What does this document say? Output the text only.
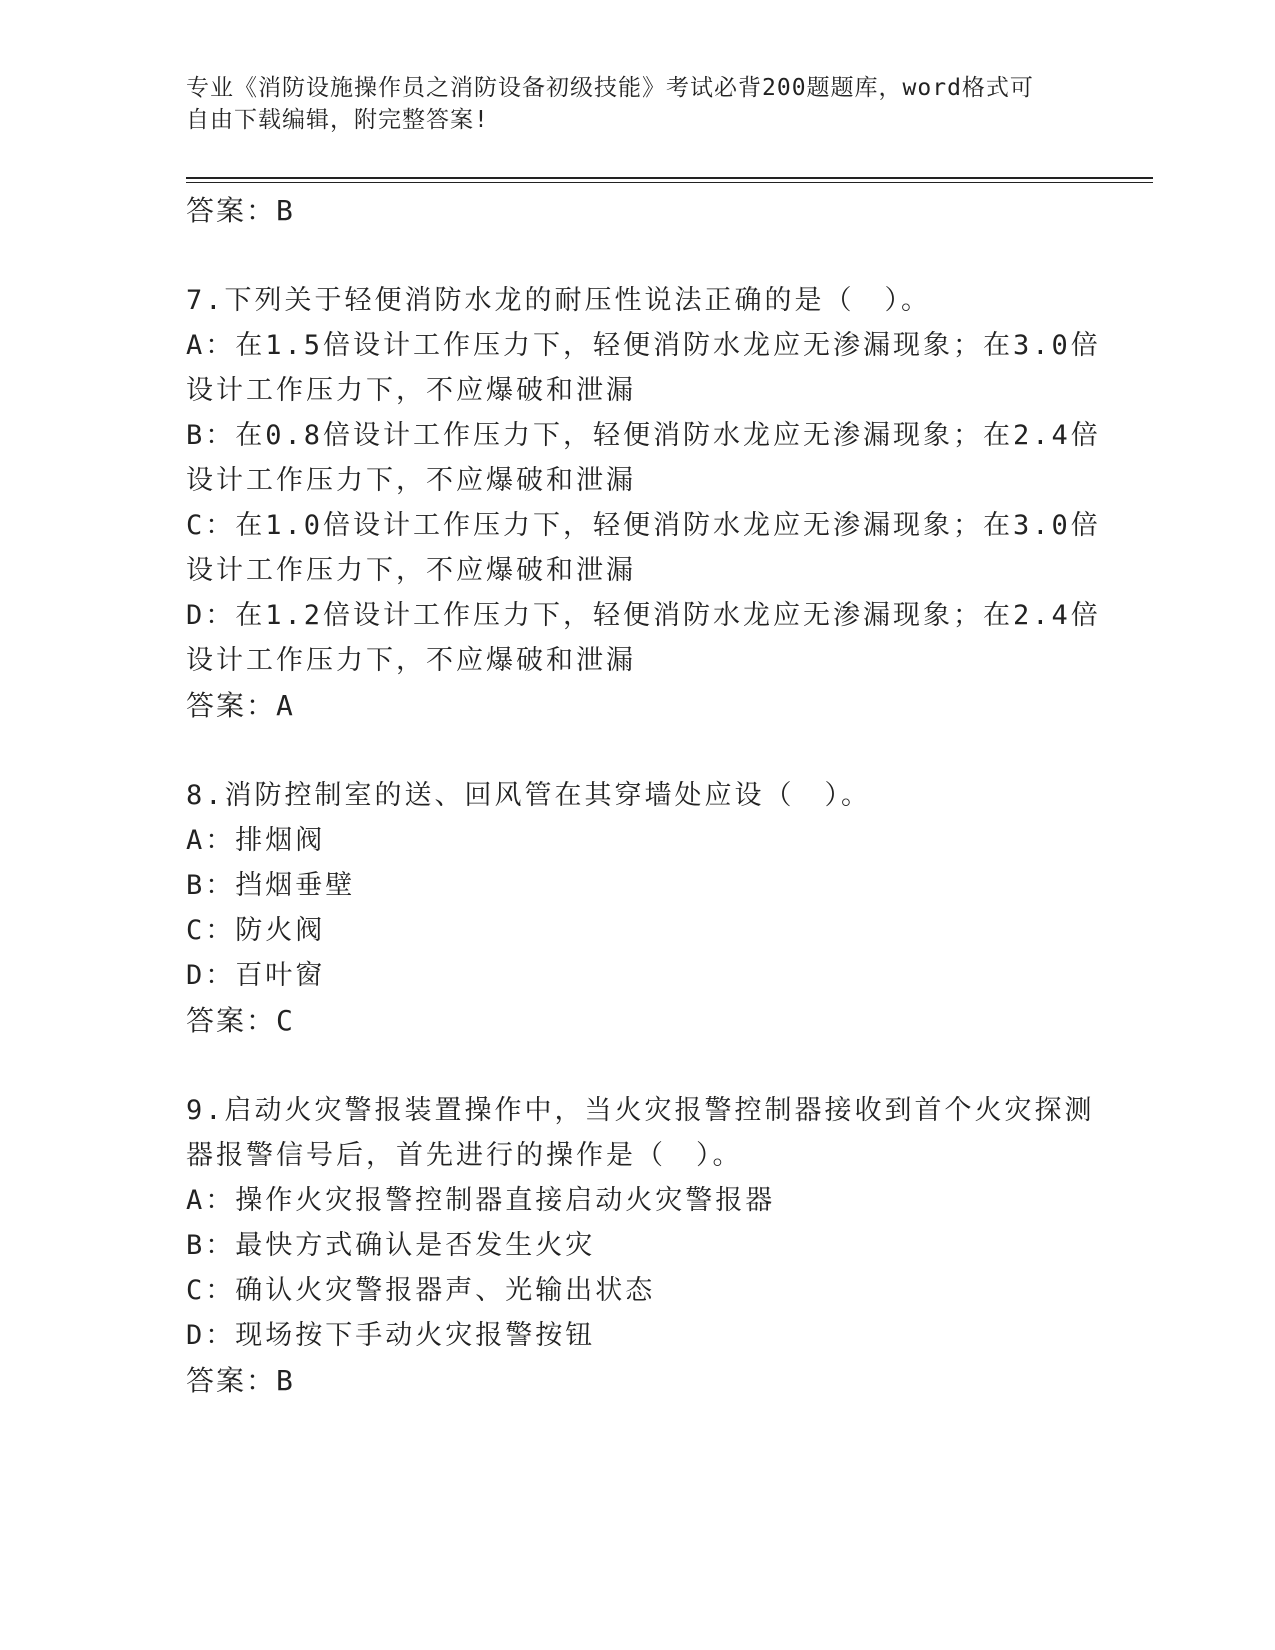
专业《消防设施操作员之消防设备初级技能》考试必背200题题库，word格式可
自由下载编辑，附完整答案!
答案：B
7.下列关于轻便消防水龙的耐压性说法正确的是（　）。
A：在1.5倍设计工作压力下，轻便消防水龙应无渗漏现象；在3.0倍
设计工作压力下，不应爆破和泄漏
B：在0.8倍设计工作压力下，轻便消防水龙应无渗漏现象；在2.4倍
设计工作压力下，不应爆破和泄漏
C：在1.0倍设计工作压力下，轻便消防水龙应无渗漏现象；在3.0倍
设计工作压力下，不应爆破和泄漏
D：在1.2倍设计工作压力下，轻便消防水龙应无渗漏现象；在2.4倍
设计工作压力下，不应爆破和泄漏
答案：A
8.消防控制室的送、回风管在其穿墙处应设（　）。
A：排烟阀
B：挡烟垂壁
C：防火阀
D：百叶窗
答案：C
9.启动火灾警报装置操作中，当火灾报警控制器接收到首个火灾探测
器报警信号后，首先进行的操作是（　）。
A：操作火灾报警控制器直接启动火灾警报器
B：最快方式确认是否发生火灾
C：确认火灾警报器声、光输出状态
D：现场按下手动火灾报警按钮
答案：B
